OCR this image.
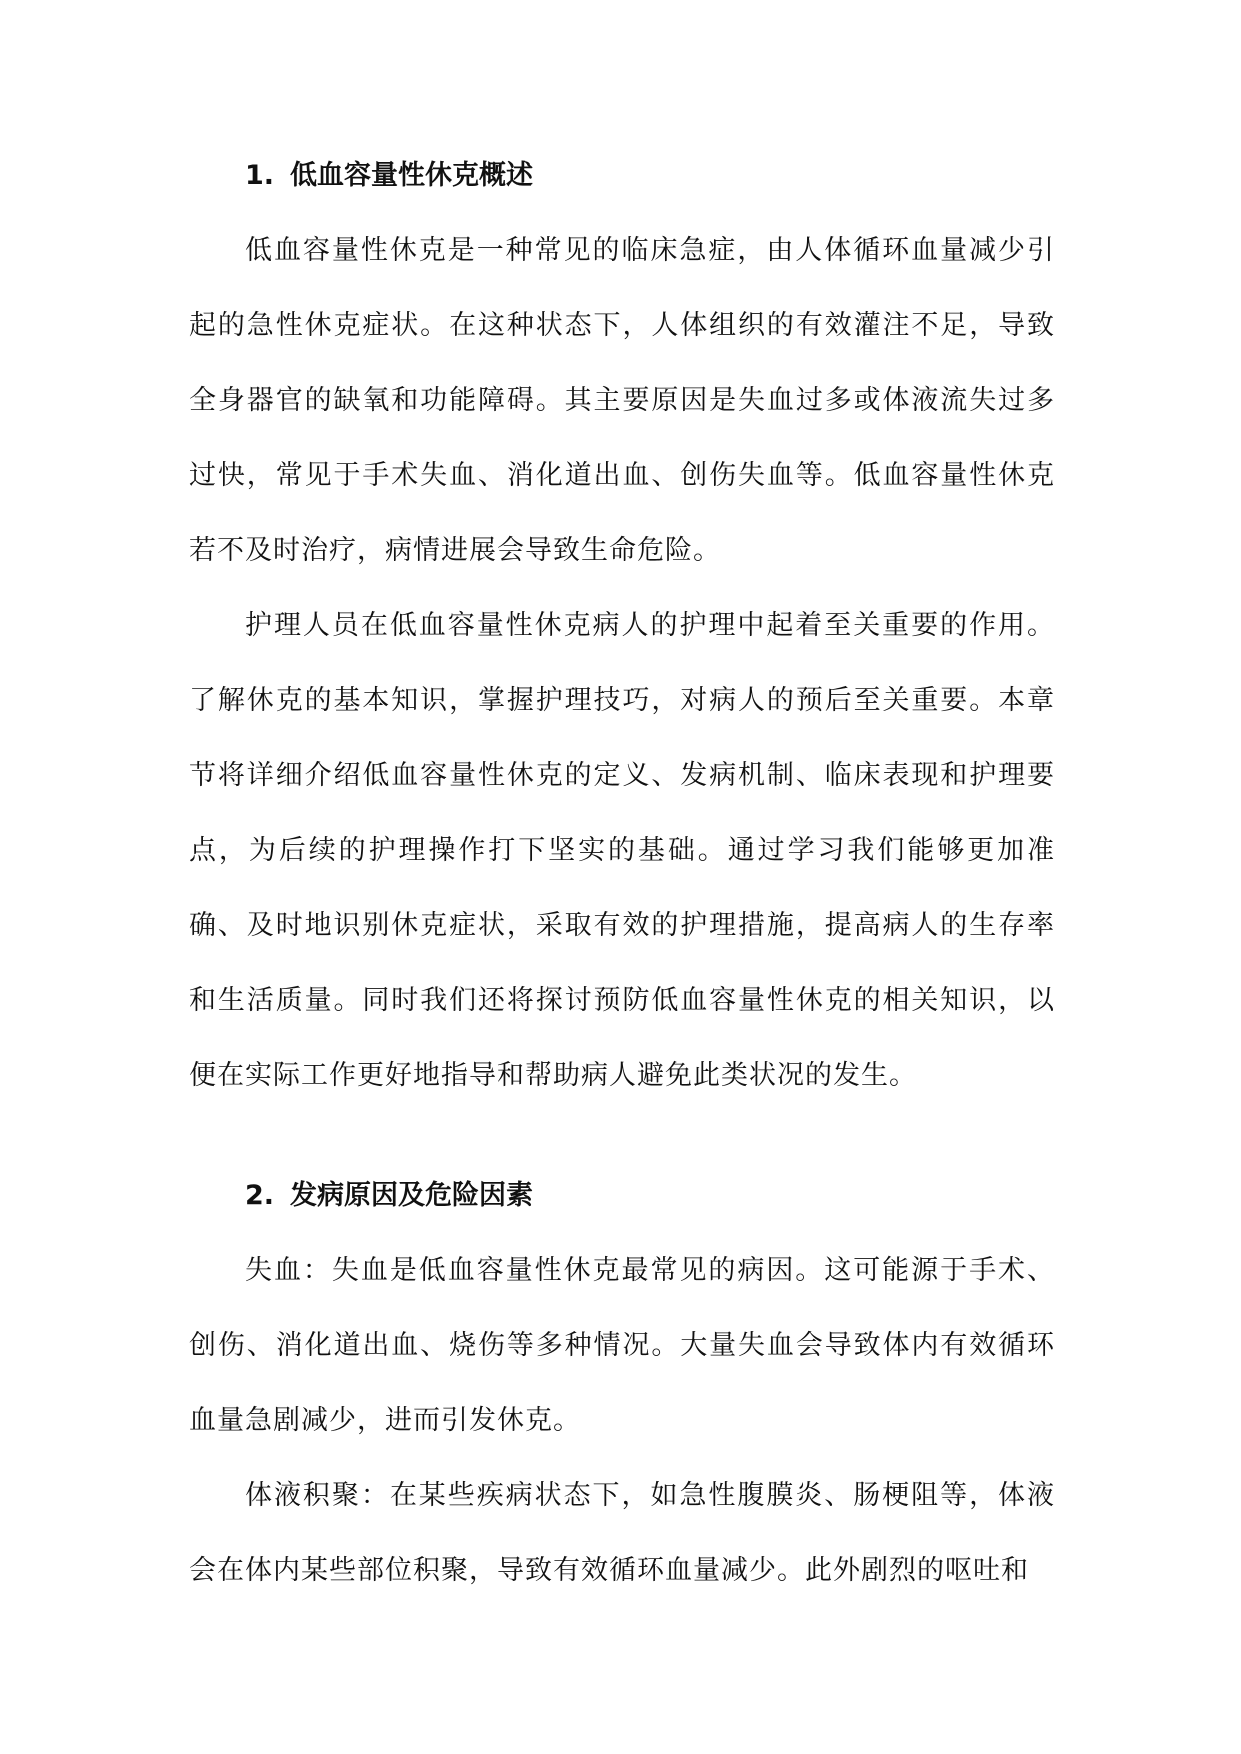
1. 低血容量性休克概述

低血容量性休克是一种常见的临床急症，由人体循环血量减少引起的急性休克症状。在这种状态下，人体组织的有效灌注不足，导致全身器官的缺氧和功能障碍。其主要原因是失血过多或体液流失过多过快，常见于手术失血、消化道出血、创伤失血等。低血容量性休克若不及时治疗，病情进展会导致生命危险。

护理人员在低血容量性休克病人的护理中起着至关重要的作用。了解休克的基本知识，掌握护理技巧，对病人的预后至关重要。本章节将详细介绍低血容量性休克的定义、发病机制、临床表现和护理要点，为后续的护理操作打下坚实的基础。通过学习我们能够更加准确、及时地识别休克症状，采取有效的护理措施，提高病人的生存率和生活质量。同时我们还将探讨预防低血容量性休克的相关知识，以便在实际工作更好地指导和帮助病人避免此类状况的发生。

2. 发病原因及危险因素

失血：失血是低血容量性休克最常见的病因。这可能源于手术、创伤、消化道出血、烧伤等多种情况。大量失血会导致体内有效循环血量急剧减少，进而引发休克。

体液积聚：在某些疾病状态下，如急性腹膜炎、肠梗阻等，体液会在体内某些部位积聚，导致有效循环血量减少。此外剧烈的呕吐和
